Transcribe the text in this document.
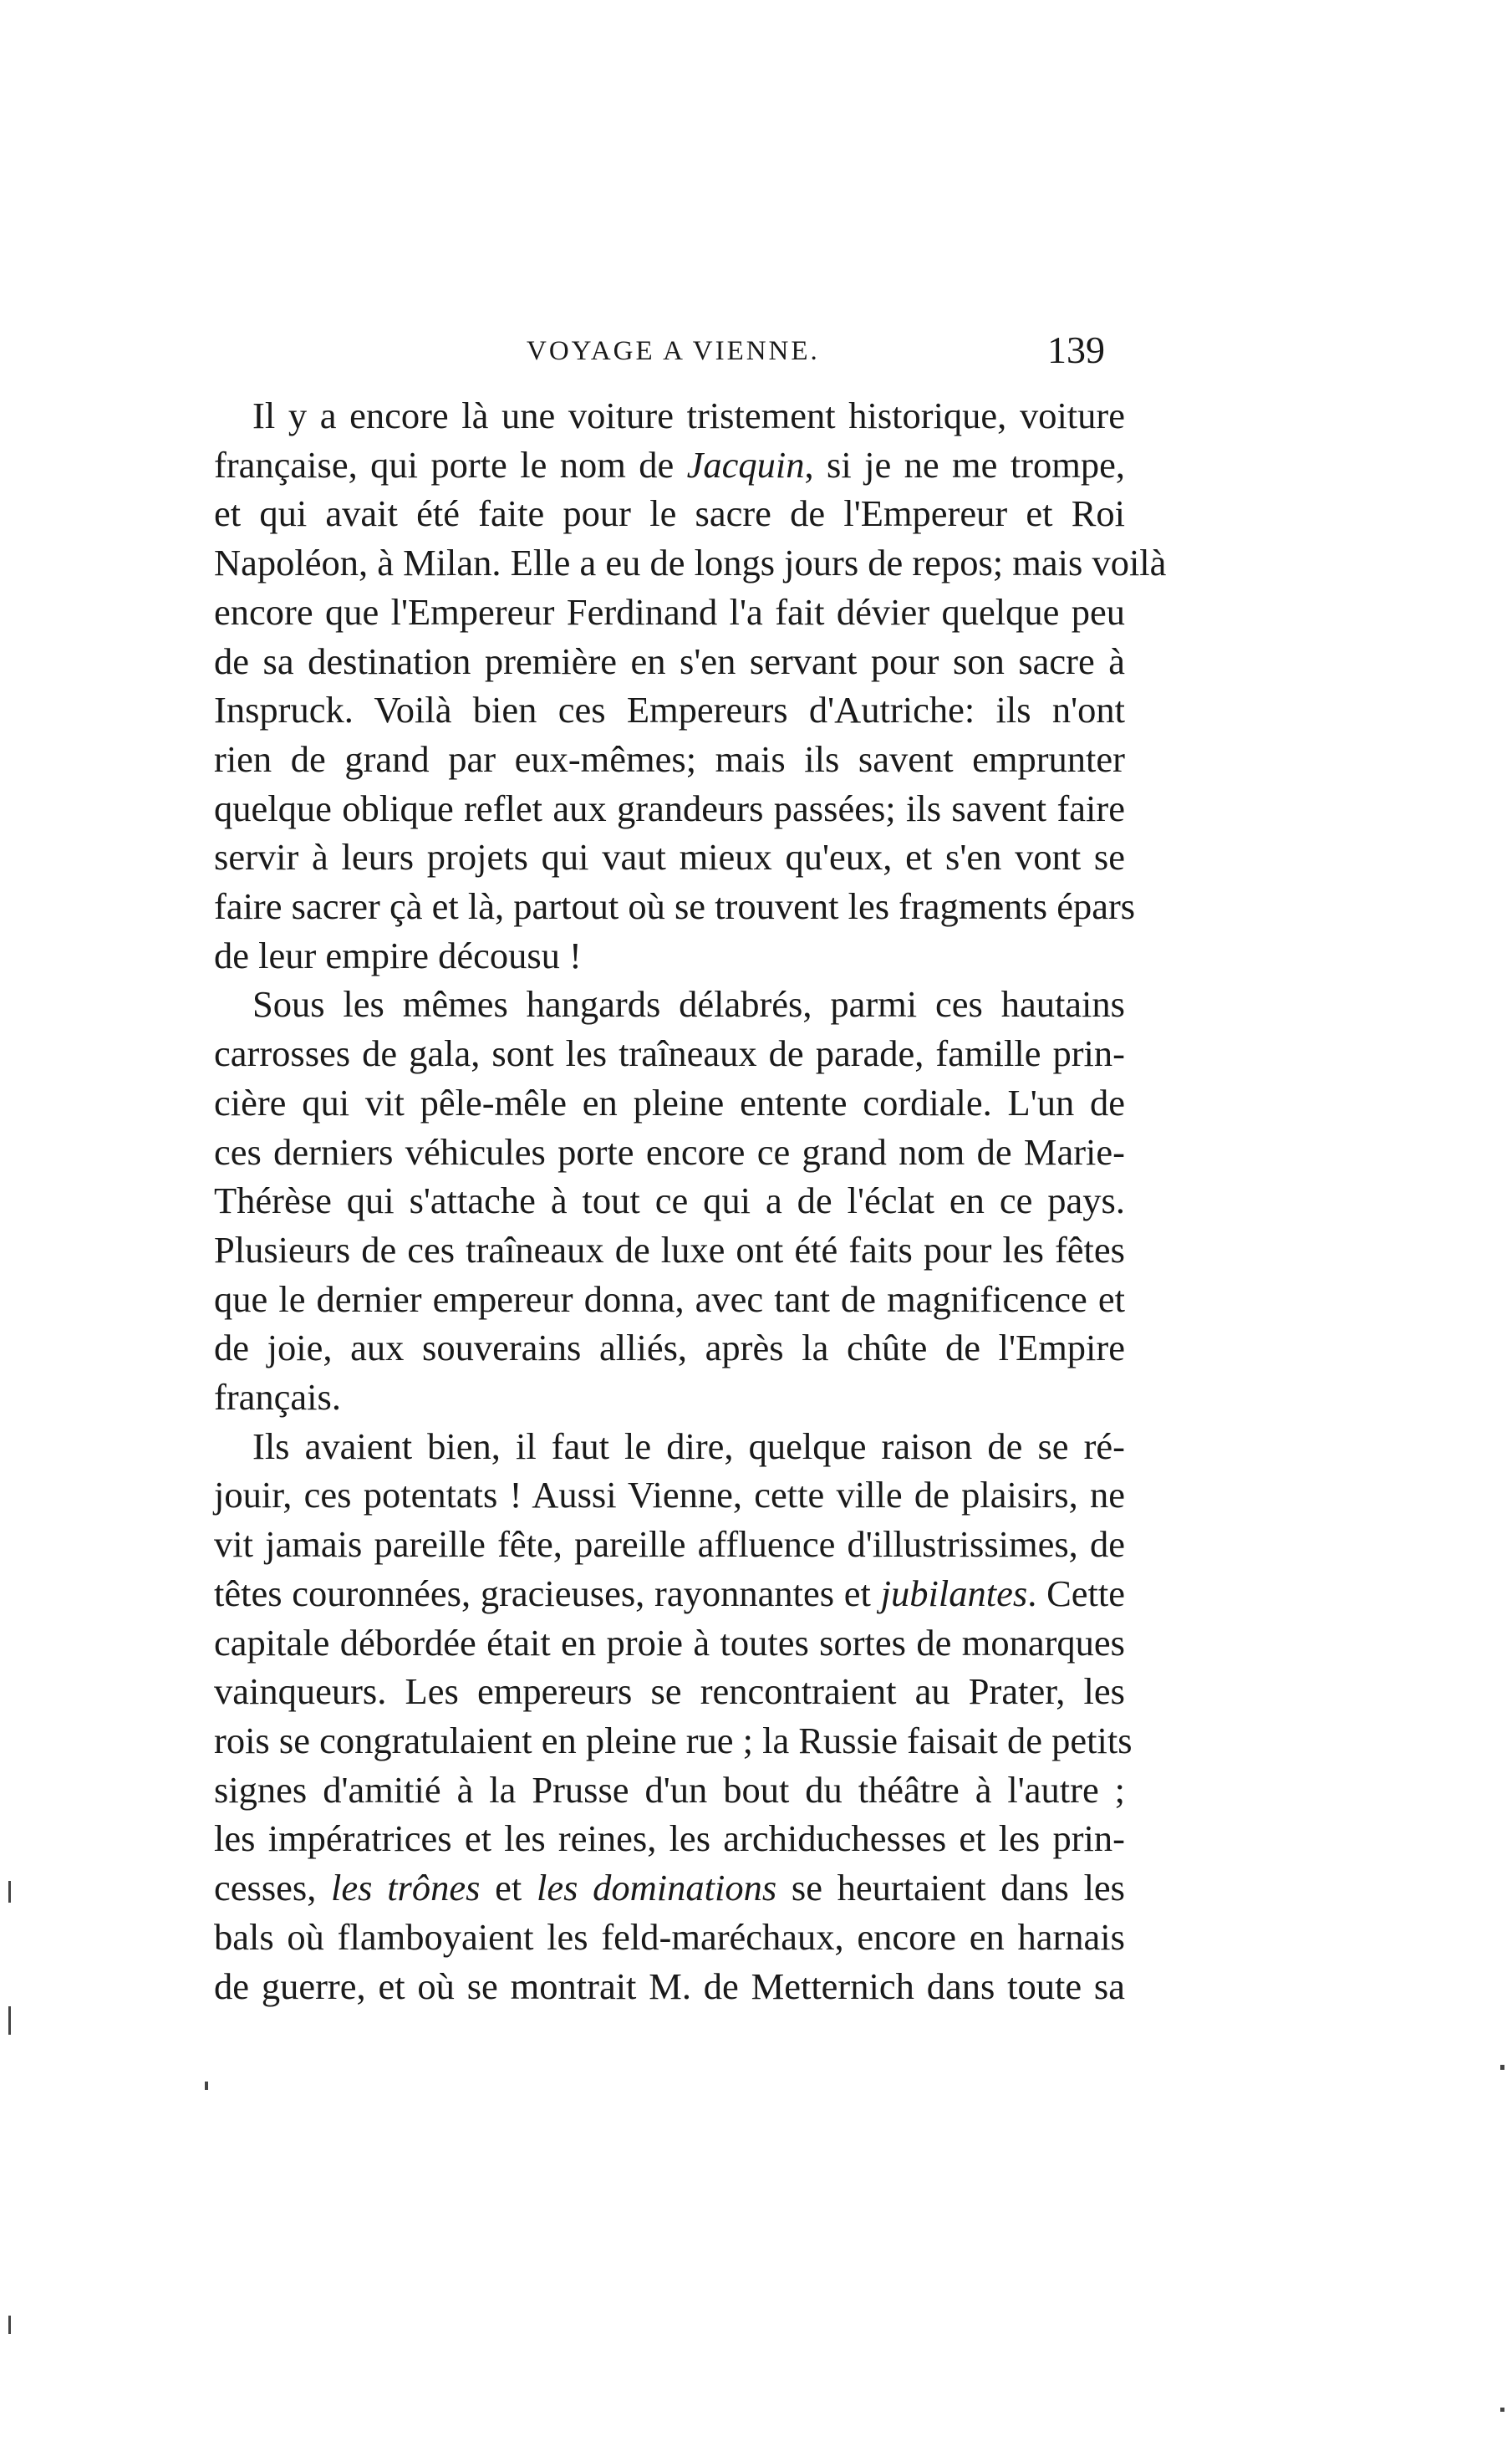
VOYAGE A VIENNE.	139

Il y a encore là une voiture tristement historique, voiture
française, qui porte le nom de Jacquin, si je ne me trompe,
et qui avait été faite pour le sacre de l'Empereur et Roi
Napoléon, à Milan. Elle a eu de longs jours de repos; mais voilà
encore que l'Empereur Ferdinand l'a fait dévier quelque peu
de sa destination première en s'en servant pour son sacre à
Inspruck. Voilà bien ces Empereurs d'Autriche: ils n'ont
rien de grand par eux-mêmes; mais ils savent emprunter
quelque oblique reflet aux grandeurs passées; ils savent faire
servir à leurs projets qui vaut mieux qu'eux, et s'en vont se
faire sacrer çà et là, partout où se trouvent les fragments épars
de leur empire décousu !

Sous les mêmes hangards délabrés, parmi ces hautains
carrosses de gala, sont les traîneaux de parade, famille prin-
cière qui vit pêle-mêle en pleine entente cordiale. L'un de
ces derniers véhicules porte encore ce grand nom de Marie-
Thérèse qui s'attache à tout ce qui a de l'éclat en ce pays.
Plusieurs de ces traîneaux de luxe ont été faits pour les fêtes
que le dernier empereur donna, avec tant de magnificence et
de joie, aux souverains alliés, après la chûte de l'Empire
français.

Ils avaient bien, il faut le dire, quelque raison de se ré-
jouir, ces potentats ! Aussi Vienne, cette ville de plaisirs, ne
vit jamais pareille fête, pareille affluence d'illustrissimes, de
têtes couronnées, gracieuses, rayonnantes et jubilantes. Cette
capitale débordée était en proie à toutes sortes de monarques
vainqueurs. Les empereurs se rencontraient au Prater, les
rois se congratulaient en pleine rue ; la Russie faisait de petits
signes d'amitié à la Prusse d'un bout du théâtre à l'autre ;
les impératrices et les reines, les archiduchesses et les prin-
cesses, les trônes et les dominations se heurtaient dans les
bals où flamboyaient les feld-maréchaux, encore en harnais
de guerre, et où se montrait M. de Metternich dans toute sa
